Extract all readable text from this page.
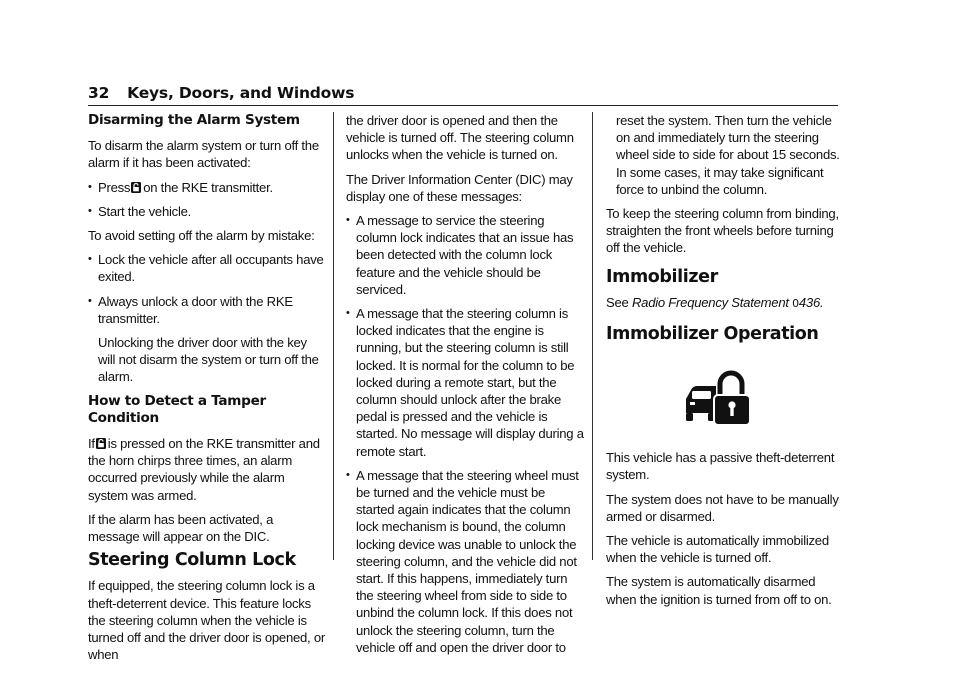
32 Keys, Doors, and Windows
Disarming the Alarm System

To disarm the alarm system or turn off the alarm if it has been activated:

• Press on the RKE transmitter.
• Start the vehicle.

To avoid setting off the alarm by mistake:

• Lock the vehicle after all occupants have exited.
• Always unlock a door with the RKE transmitter.

Unlocking the driver door with the key will not disarm the system or turn off the alarm.

How to Detect a Tamper Condition

If is pressed on the RKE transmitter and the horn chirps three times, an alarm occurred previously while the alarm system was armed.

If the alarm has been activated, a message will appear on the DIC.

Steering Column Lock

If equipped, the steering column lock is a theft-deterrent device. This feature locks the steering column when the vehicle is turned off and the driver door is opened, or when

the driver door is opened and then the vehicle is turned off. The steering column unlocks when the vehicle is turned on.

The Driver Information Center (DIC) may display one of these messages:

• A message to service the steering column lock indicates that an issue has been detected with the column lock feature and the vehicle should be serviced.
• A message that the steering column is locked indicates that the engine is running, but the steering column is still locked. It is normal for the column to be locked during a remote start, but the column should unlock after the brake pedal is pressed and the vehicle is started. No message will display during a remote start.
• A message that the steering wheel must be turned and the vehicle must be started again indicates that the column lock mechanism is bound, the column locking device was unable to unlock the steering column, and the vehicle did not start. If this happens, immediately turn the steering wheel from side to side to unbind the column lock. If this does not unlock the steering column, turn the vehicle off and open the driver door to

reset the system. Then turn the vehicle on and immediately turn the steering wheel side to side for about 15 seconds. In some cases, it may take significant force to unbind the column.

To keep the steering column from binding, straighten the front wheels before turning off the vehicle.

Immobilizer

See Radio Frequency Statement 0436.

Immobilizer Operation

This vehicle has a passive theft-deterrent system.

The system does not have to be manually armed or disarmed.

The vehicle is automatically immobilized when the vehicle is turned off.

The system is automatically disarmed when the ignition is turned from off to on.
